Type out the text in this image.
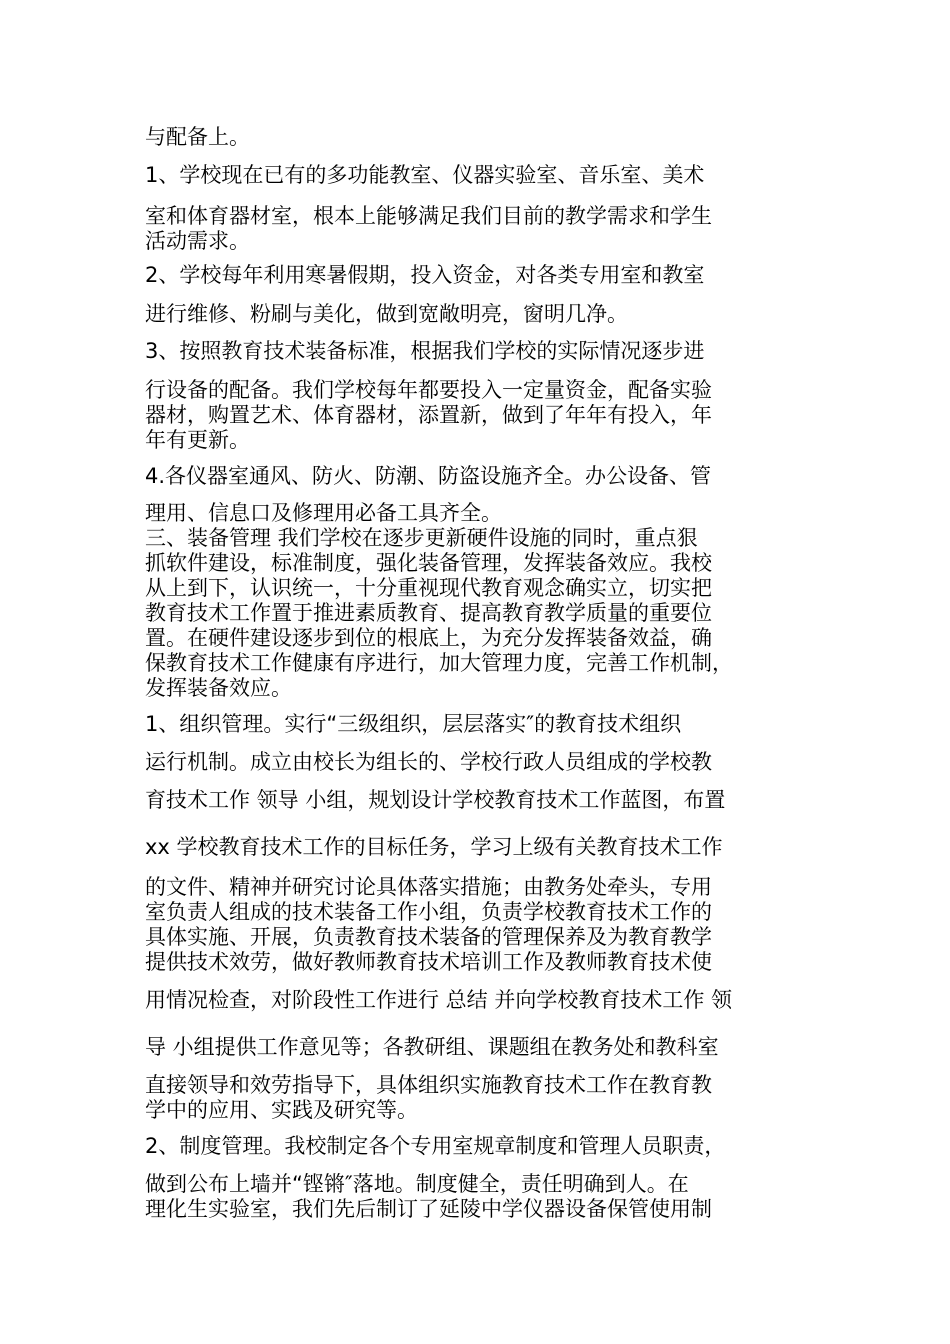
与配备上。
1、学校现在已有的多功能教室、仪器实验室、音乐室、美术
室和体育器材室，根本上能够满足我们目前的教学需求和学生
活动需求。
2、学校每年利用寒暑假期，投入资金，对各类专用室和教室
进行维修、粉刷与美化，做到宽敞明亮，窗明几净。
3、按照教育技术装备标准，根据我们学校的实际情况逐步进
行设备的配备。我们学校每年都要投入一定量资金，配备实验
器材，购置艺术、体育器材，添置新，做到了年年有投入，年
年有更新。
4.各仪器室通风、防火、防潮、防盗设施齐全。办公设备、管
理用、信息口及修理用必备工具齐全。
三、装备管理 我们学校在逐步更新硬件设施的同时，重点狠
抓软件建设，标准制度，强化装备管理，发挥装备效应。我校
从上到下，认识统一，十分重视现代教育观念确实立，切实把
教育技术工作置于推进素质教育、提高教育教学质量的重要位
置。在硬件建设逐步到位的根底上，为充分发挥装备效益，确
保教育技术工作健康有序进行，加大管理力度，完善工作机制，
发挥装备效应。
1、组织管理。实行“三级组织，层层落实″的教育技术组织
运行机制。成立由校长为组长的、学校行政人员组成的学校教
育技术工作 领导 小组，规划设计学校教育技术工作蓝图，布置
xx 学校教育技术工作的目标任务，学习上级有关教育技术工作
的文件、精神并研究讨论具体落实措施；由教务处牵头，专用
室负责人组成的技术装备工作小组，负责学校教育技术工作的
具体实施、开展，负责教育技术装备的管理保养及为教育教学
提供技术效劳，做好教师教育技术培训工作及教师教育技术使
用情况检查，对阶段性工作进行 总结 并向学校教育技术工作 领
导 小组提供工作意见等；各教研组、课题组在教务处和教科室
直接领导和效劳指导下，具体组织实施教育技术工作在教育教
学中的应用、实践及研究等。
2、制度管理。我校制定各个专用室规章制度和管理人员职责，
做到公布上墙并“铿锵″落地。制度健全，责任明确到人。在
理化生实验室，我们先后制订了延陵中学仪器设备保管使用制
